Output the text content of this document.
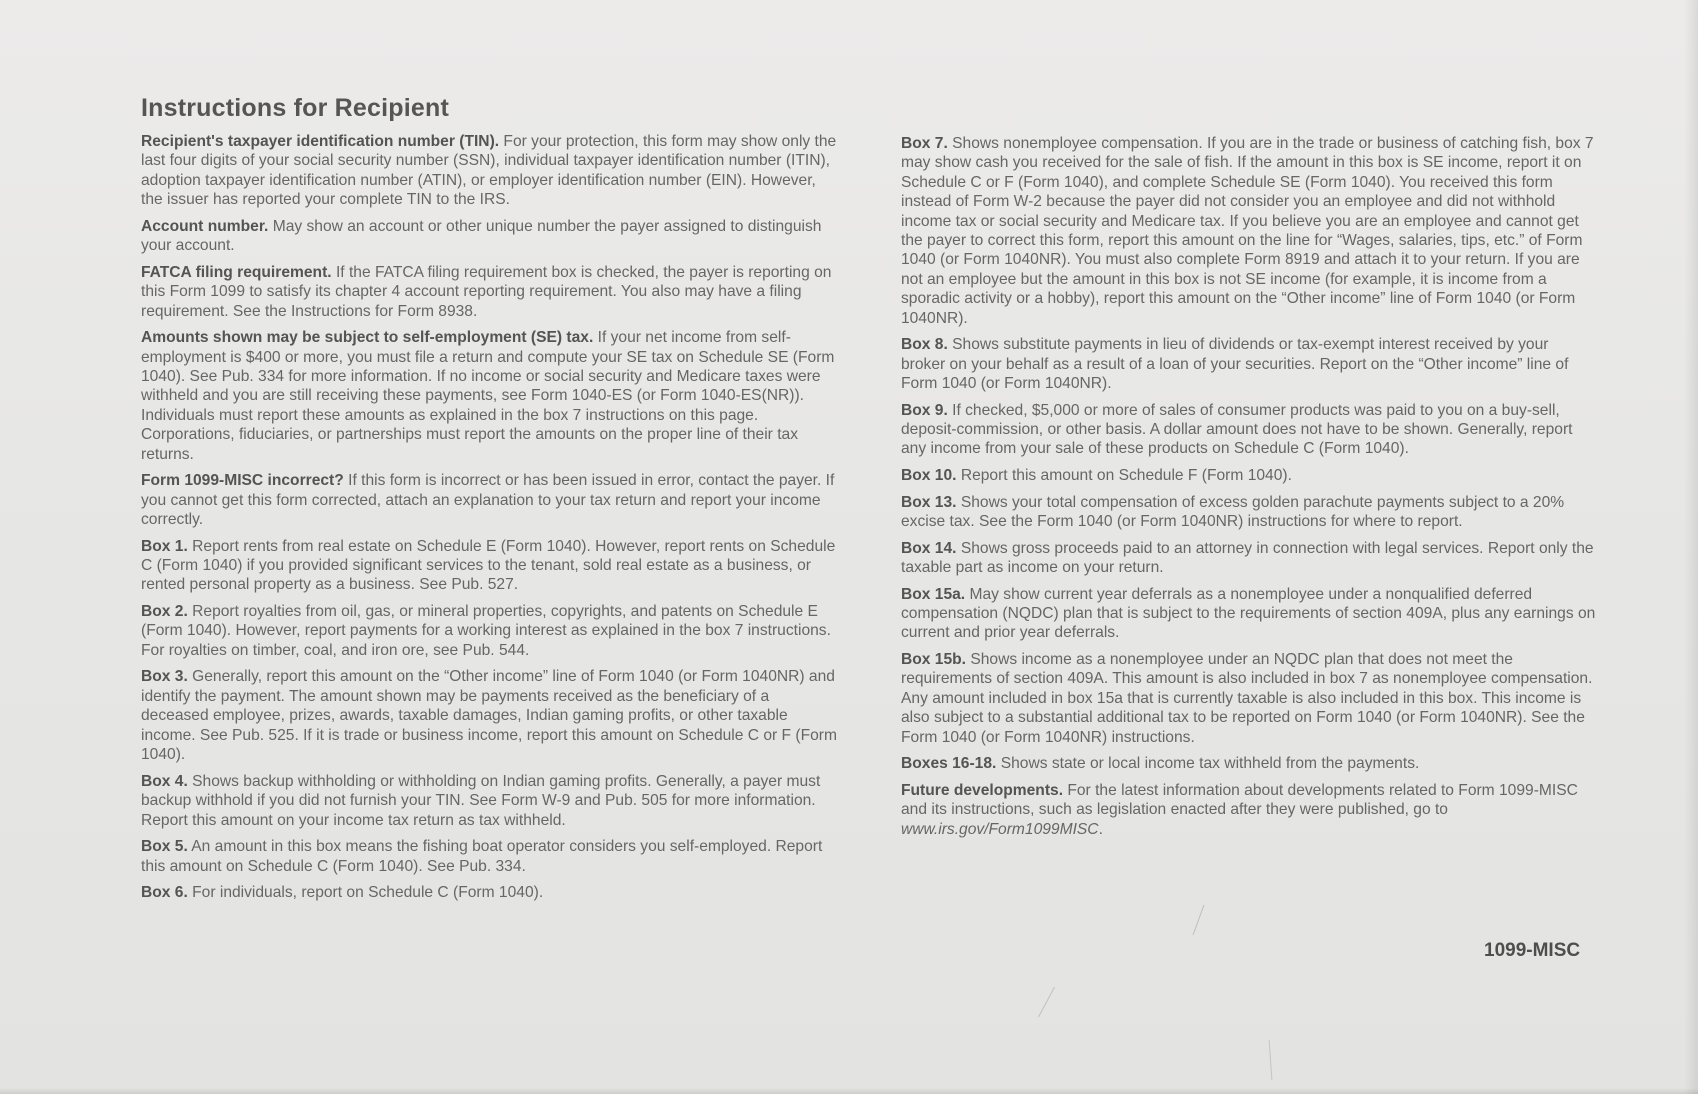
Instructions for Recipient

Recipient's taxpayer identification number (TIN). For your protection, this form may show only the last four digits of your social security number (SSN), individual taxpayer identification number (ITIN), adoption taxpayer identification number (ATIN), or employer identification number (EIN). However, the issuer has reported your complete TIN to the IRS.

Account number. May show an account or other unique number the payer assigned to distinguish your account.

FATCA filing requirement. If the FATCA filing requirement box is checked, the payer is reporting on this Form 1099 to satisfy its chapter 4 account reporting requirement. You also may have a filing requirement. See the Instructions for Form 8938.

Amounts shown may be subject to self-employment (SE) tax. If your net income from self-employment is $400 or more, you must file a return and compute your SE tax on Schedule SE (Form 1040). See Pub. 334 for more information. If no income or social security and Medicare taxes were withheld and you are still receiving these payments, see Form 1040-ES (or Form 1040-ES(NR)). Individuals must report these amounts as explained in the box 7 instructions on this page. Corporations, fiduciaries, or partnerships must report the amounts on the proper line of their tax returns.

Form 1099-MISC incorrect? If this form is incorrect or has been issued in error, contact the payer. If you cannot get this form corrected, attach an explanation to your tax return and report your income correctly.

Box 1. Report rents from real estate on Schedule E (Form 1040). However, report rents on Schedule C (Form 1040) if you provided significant services to the tenant, sold real estate as a business, or rented personal property as a business. See Pub. 527.

Box 2. Report royalties from oil, gas, or mineral properties, copyrights, and patents on Schedule E (Form 1040). However, report payments for a working interest as explained in the box 7 instructions. For royalties on timber, coal, and iron ore, see Pub. 544.

Box 3. Generally, report this amount on the “Other income” line of Form 1040 (or Form 1040NR) and identify the payment. The amount shown may be payments received as the beneficiary of a deceased employee, prizes, awards, taxable damages, Indian gaming profits, or other taxable income. See Pub. 525. If it is trade or business income, report this amount on Schedule C or F (Form 1040).

Box 4. Shows backup withholding or withholding on Indian gaming profits. Generally, a payer must backup withhold if you did not furnish your TIN. See Form W-9 and Pub. 505 for more information. Report this amount on your income tax return as tax withheld.

Box 5. An amount in this box means the fishing boat operator considers you self-employed. Report this amount on Schedule C (Form 1040). See Pub. 334.

Box 6. For individuals, report on Schedule C (Form 1040).

Box 7. Shows nonemployee compensation. If you are in the trade or business of catching fish, box 7 may show cash you received for the sale of fish. If the amount in this box is SE income, report it on Schedule C or F (Form 1040), and complete Schedule SE (Form 1040). You received this form instead of Form W-2 because the payer did not consider you an employee and did not withhold income tax or social security and Medicare tax. If you believe you are an employee and cannot get the payer to correct this form, report this amount on the line for “Wages, salaries, tips, etc.” of Form 1040 (or Form 1040NR). You must also complete Form 8919 and attach it to your return. If you are not an employee but the amount in this box is not SE income (for example, it is income from a sporadic activity or a hobby), report this amount on the “Other income” line of Form 1040 (or Form 1040NR).

Box 8. Shows substitute payments in lieu of dividends or tax-exempt interest received by your broker on your behalf as a result of a loan of your securities. Report on the “Other income” line of Form 1040 (or Form 1040NR).

Box 9. If checked, $5,000 or more of sales of consumer products was paid to you on a buy-sell, deposit-commission, or other basis. A dollar amount does not have to be shown. Generally, report any income from your sale of these products on Schedule C (Form 1040).

Box 10. Report this amount on Schedule F (Form 1040).

Box 13. Shows your total compensation of excess golden parachute payments subject to a 20% excise tax. See the Form 1040 (or Form 1040NR) instructions for where to report.

Box 14. Shows gross proceeds paid to an attorney in connection with legal services. Report only the taxable part as income on your return.

Box 15a. May show current year deferrals as a nonemployee under a nonqualified deferred compensation (NQDC) plan that is subject to the requirements of section 409A, plus any earnings on current and prior year deferrals.

Box 15b. Shows income as a nonemployee under an NQDC plan that does not meet the requirements of section 409A. This amount is also included in box 7 as nonemployee compensation. Any amount included in box 15a that is currently taxable is also included in this box. This income is also subject to a substantial additional tax to be reported on Form 1040 (or Form 1040NR). See the Form 1040 (or Form 1040NR) instructions.

Boxes 16-18. Shows state or local income tax withheld from the payments.

Future developments. For the latest information about developments related to Form 1099-MISC and its instructions, such as legislation enacted after they were published, go to www.irs.gov/Form1099MISC.

1099-MISC
